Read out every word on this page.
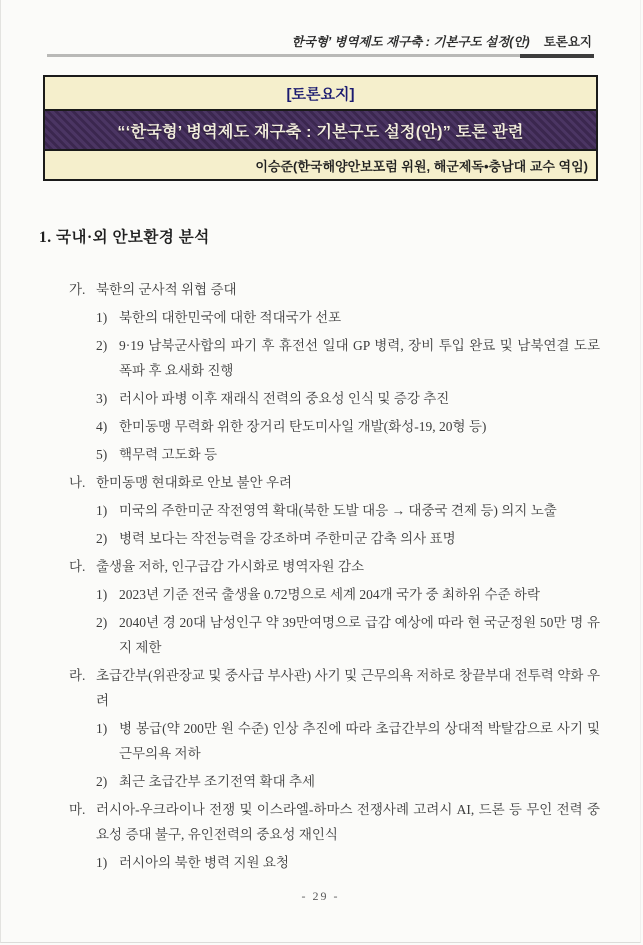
한국형’ 병역제도 재구축 : 기본구도 설정(안) 토론요지
[토론요지]
“‘한국형’ 병역제도 재구축 : 기본구도 설정(안)” 토론 관련
이승준(한국해양안보포럼 위원, 해군제독•충남대 교수 역임)
1. 국내·외 안보환경 분석
가. 북한의 군사적 위협 증대
1) 북한의 대한민국에 대한 적대국가 선포
2) 9·19 남북군사합의 파기 후 휴전선 일대 GP 병력, 장비 투입 완료 및 남북연결 도로 폭파 후 요새화 진행
3) 러시아 파병 이후 재래식 전력의 중요성 인식 및 증강 추진
4) 한미동맹 무력화 위한 장거리 탄도미사일 개발(화성-19, 20형 등)
5) 핵무력 고도화 등
나. 한미동맹 현대화로 안보 불안 우려
1) 미국의 주한미군 작전영역 확대(북한 도발 대응 → 대중국 견제 등) 의지 노출
2) 병력 보다는 작전능력을 강조하며 주한미군 감축 의사 표명
다. 출생율 저하, 인구급감 가시화로 병역자원 감소
1) 2023년 기준 전국 출생율 0.72명으로 세계 204개 국가 중 최하위 수준 하락
2) 2040년 경 20대 남성인구 약 39만여명으로 급감 예상에 따라 현 국군정원 50만 명 유지 제한
라. 초급간부(위관장교 및 중사급 부사관) 사기 및 근무의욕 저하로 창끝부대 전투력 약화 우려
1) 병 봉급(약 200만 원 수준) 인상 추진에 따라 초급간부의 상대적 박탈감으로 사기 및 근무의욕 저하
2) 최근 초급간부 조기전역 확대 추세
마. 러시아-우크라이나 전쟁 및 이스라엘-하마스 전쟁사례 고려시 AI, 드론 등 무인 전력 중요성 증대 불구, 유인전력의 중요성 재인식
1) 러시아의 북한 병력 지원 요청
- 29 -
